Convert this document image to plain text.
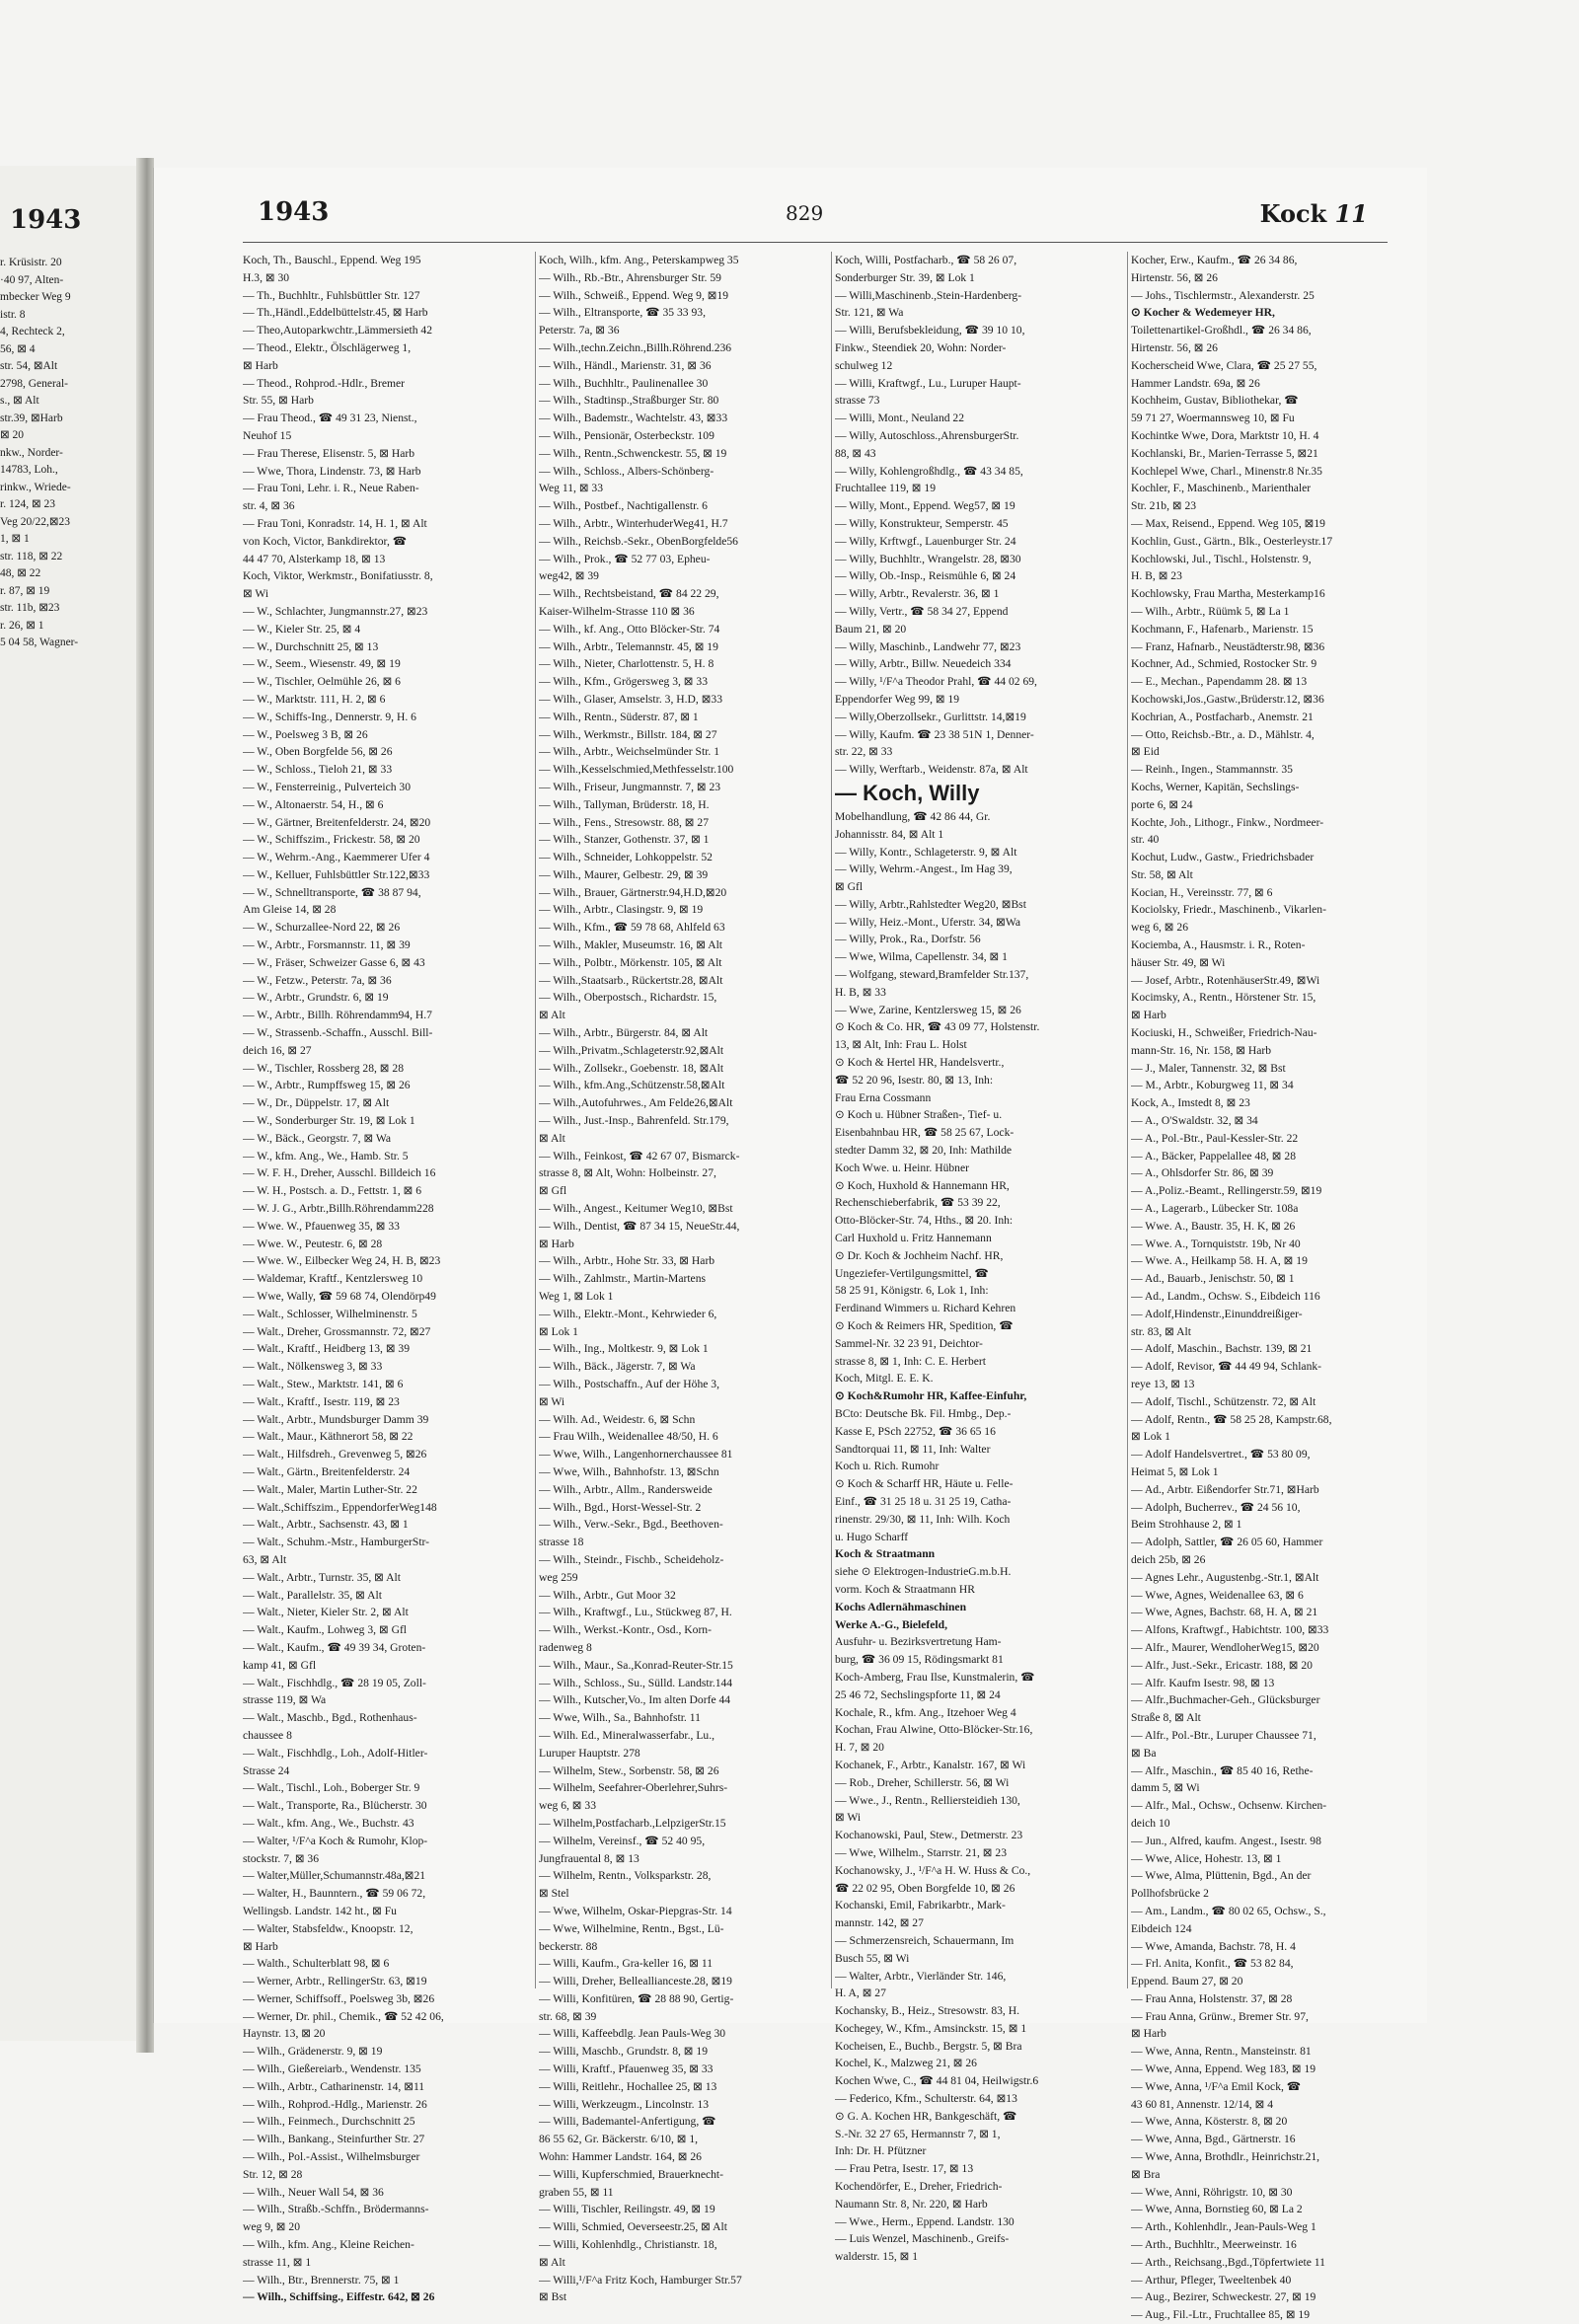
1943
r. Krüsistr. 20
·40 97, Alten-
mbecker Weg 9
istr. 8
4, Rechteck 2,
56, ⊠ 4
str. 54, ⊠Alt
2798, General-
s., ⊠ Alt
str.39, ⊠Harb
⊠ 20
nkw., Norder-
14783, Loh.,
rinkw., Wriede-
r. 124, ⊠ 23
Veg 20/22,⊠23
1, ⊠ 1
str. 118, ⊠ 22
48, ⊠ 22
r. 87, ⊠ 19
str. 11b, ⊠23
r. 26, ⊠ 1
5 04 58, Wagner-
1943	829	Kock 11
Koch, Th., Bauschl., Eppend. Weg 195
H.3, ⊠ 30
— Th., Buchhltr., Fuhlsbüttler Str. 127
— Th.,Händl.,Eddelbüttelstr.45, ⊠ Harb
— Theo,Autoparkwchtr.,Lämmersieth 42
— Theod., Elektr., Ölschlägerweg 1,
⊠ Harb
— Theod., Rohprod.-Hdlr., Bremer
Str. 55, ⊠ Harb
— Frau Theod., ☎ 49 31 23, Nienst.,
Neuhof 15
— Frau Therese, Elisenstr. 5, ⊠ Harb
— Wwe, Thora, Lindenstr. 73, ⊠ Harb
— Frau Toni, Lehr. i. R., Neue Raben-
str. 4, ⊠ 36
— Frau Toni, Konradstr. 14, H. 1, ⊠ Alt
von Koch, Victor, Bankdirektor, ☎
44 47 70, Alsterkamp 18, ⊠ 13
Koch, Viktor, Werkmstr., Bonifatiusstr. 8,
⊠ Wi
— W., Schlachter, Jungmannstr.27, ⊠23
— W., Kieler Str. 25, ⊠ 4
— W., Durchschnitt 25, ⊠ 13
— W., Seem., Wiesenstr. 49, ⊠ 19
— W., Tischler, Oelmühle 26, ⊠ 6
— W., Marktstr. 111, H. 2, ⊠ 6
— W., Schiffs-Ing., Dennerstr. 9, H. 6
— W., Poelsweg 3 B, ⊠ 26
— W., Oben Borgfelde 56, ⊠ 26
— W., Schloss., Tieloh 21, ⊠ 33
— W., Fensterreinig., Pulverteich 30
— W., Altonaerstr. 54, H., ⊠ 6
— W., Gärtner, Breitenfelderstr. 24, ⊠20
— W., Schiffszim., Frickestr. 58, ⊠ 20
— W., Wehrm.-Ang., Kaemmerer Ufer 4
— W., Kelluer, Fuhlsbüttler Str.122,⊠33
— W., Schnelltransporte, ☎ 38 87 94,
Am Gleise 14, ⊠ 28
— W., Schurzallee-Nord 22, ⊠ 26
— W., Arbtr., Forsmannstr. 11, ⊠ 39
— W., Fräser, Schweizer Gasse 6, ⊠ 43
— W., Fetzw., Peterstr. 7a, ⊠ 36
— W., Arbtr., Grundstr. 6, ⊠ 19
— W., Arbtr., Billh. Röhrendamm94, H.7
— W., Strassenb.-Schaffn., Ausschl. Bill-
deich 16, ⊠ 27
— W., Tischler, Rossberg 28, ⊠ 28
— W., Arbtr., Rumpffsweg 15, ⊠ 26
— W., Dr., Düppelstr. 17, ⊠ Alt
— W., Sonderburger Str. 19, ⊠ Lok 1
— W., Bäck., Georgstr. 7, ⊠ Wa
— W., kfm. Ang., We., Hamb. Str. 5
— W. F. H., Dreher, Ausschl. Billdeich 16
— W. H., Postsch. a. D., Fettstr. 1, ⊠ 6
— W. J. G., Arbtr.,Billh.Röhrendamm228
— Wwe. W., Pfauenweg 35, ⊠ 33
— Wwe. W., Peutestr. 6, ⊠ 28
— Wwe. W., Eilbecker Weg 24, H. B, ⊠23
— Waldemar, Kraftf., Kentzlersweg 10
— Wwe, Wally, ☎ 59 68 74, Olendörp49
— Walt., Schlosser, Wilhelminenstr. 5
— Walt., Dreher, Grossmannstr. 72, ⊠27
— Walt., Kraftf., Heidberg 13, ⊠ 39
— Walt., Nölkensweg 3, ⊠ 33
— Walt., Stew., Marktstr. 141, ⊠ 6
— Walt., Kraftf., Isestr. 119, ⊠ 23
— Walt., Arbtr., Mundsburger Damm 39
— Walt., Maur., Käthnerort 58, ⊠ 22
— Walt., Hilfsdreh., Grevenweg 5, ⊠26
— Walt., Gärtn., Breitenfelderstr. 24
— Walt., Maler, Martin Luther-Str. 22
— Walt.,Schiffszim., EppendorferWeg148
— Walt., Arbtr., Sachsenstr. 43, ⊠ 1
— Walt., Schuhm.-Mstr., HamburgerStr-
63, ⊠ Alt
— Walt., Arbtr., Turnstr. 35, ⊠ Alt
— Walt., Parallelstr. 35, ⊠ Alt
— Walt., Nieter, Kieler Str. 2, ⊠ Alt
— Walt., Kaufm., Lohweg 3, ⊠ Gfl
— Walt., Kaufm., ☎ 49 39 34, Groten-
kamp 41, ⊠ Gfl
— Walt., Fischhdlg., ☎ 28 19 05, Zoll-
strasse 119, ⊠ Wa
— Walt., Maschb., Bgd., Rothenhaus-
chaussee 8
— Walt., Fischhdlg., Loh., Adolf-Hitler-
Strasse 24
— Walt., Tischl., Loh., Boberger Str. 9
— Walt., Transporte, Ra., Blücherstr. 30
— Walt., kfm. Ang., We., Buchstr. 43
— Walter, ¹/F^a Koch & Rumohr, Klop-
stockstr. 7, ⊠ 36
— Walter,Müller,Schumannstr.48a,⊠21
— Walter, H., Baunntern., ☎ 59 06 72,
Wellingsb. Landstr. 142 ht., ⊠ Fu
— Walter, Stabsfeldw., Knoopstr. 12,
⊠ Harb
— Walth., Schulterblatt 98, ⊠ 6
— Werner, Arbtr., RellingerStr. 63, ⊠19
— Werner, Schiffsoff., Poelsweg 3b, ⊠26
— Werner, Dr. phil., Chemik., ☎ 52 42 06,
Haynstr. 13, ⊠ 20
— Wilh., Grädenerstr. 9, ⊠ 19
— Wilh., Gießereiarb., Wendenstr. 135
— Wilh., Arbtr., Catharinenstr. 14, ⊠11
— Wilh., Rohprod.-Hdlg., Marienstr. 26
— Wilh., Feinmech., Durchschnitt 25
— Wilh., Bankang., Steinfurther Str. 27
— Wilh., Pol.-Assist., Wilhelmsburger
Str. 12, ⊠ 28
— Wilh., Neuer Wall 54, ⊠ 36
— Wilh., Straßb.-Schffn., Brödermanns-
weg 9, ⊠ 20
— Wilh., kfm. Ang., Kleine Reichen-
strasse 11, ⊠ 1
— Wilh., Btr., Brennerstr. 75, ⊠ 1
— Wilh., Schiffsing., Eiffestr. 642, ⊠ 26
Koch, Wilh., kfm. Ang., Peterskampweg 35
— Wilh., Rb.-Btr., Ahrensburger Str. 59
— Wilh., Schweiß., Eppend. Weg 9, ⊠19
— Wilh., Eltransporte, ☎ 35 33 93,
Peterstr. 7a, ⊠ 36
— Wilh.,techn.Zeichn.,Billh.Röhrend.236
— Wilh., Händl., Marienstr. 31, ⊠ 36
— Wilh., Buchhltr., Paulinenallee 30
— Wilh., Stadtinsp.,Straßburger Str. 80
— Wilh., Bademstr., Wachtelstr. 43, ⊠33
— Wilh., Pensionär, Osterbeckstr. 109
— Wilh., Rentn.,Schwenckestr. 55, ⊠ 19
— Wilh., Schloss., Albers-Schönberg-
Weg 11, ⊠ 33
— Wilh., Postbef., Nachtigallenstr. 6
— Wilh., Arbtr., WinterhuderWeg41, H.7
— Wilh., Reichsb.-Sekr., ObenBorgfelde56
— Wilh., Prok., ☎ 52 77 03, Epheu-
weg42, ⊠ 39
— Wilh., Rechtsbeistand, ☎ 84 22 29,
Kaiser-Wilhelm-Strasse 110 ⊠ 36
— Wilh., kf. Ang., Otto Blöcker-Str. 74
— Wilh., Arbtr., Telemannstr. 45, ⊠ 19
— Wilh., Nieter, Charlottenstr. 5, H. 8
— Wilh., Kfm., Grögersweg 3, ⊠ 33
— Wilh., Glaser, Amselstr. 3, H.D, ⊠33
— Wilh., Rentn., Süderstr. 87, ⊠ 1
— Wilh., Werkmstr., Billstr. 184, ⊠ 27
— Wilh., Arbtr., Weichselmünder Str. 1
— Wilh.,Kesselschmied,Methfesselstr.100
— Wilh., Friseur, Jungmannstr. 7, ⊠ 23
— Wilh., Tallyman, Brüderstr. 18, H.
— Wilh., Fens., Stresowstr. 88, ⊠ 27
— Wilh., Stanzer, Gothenstr. 37, ⊠ 1
— Wilh., Schneider, Lohkoppelstr. 52
— Wilh., Maurer, Gelbestr. 29, ⊠ 39
— Wilh., Brauer, Gärtnerstr.94,H.D,⊠20
— Wilh., Arbtr., Clasingstr. 9, ⊠ 19
— Wilh., Kfm., ☎ 59 78 68, Ahlfeld 63
— Wilh., Makler, Museumstr. 16, ⊠ Alt
— Wilh., Polbtr., Mörkenstr. 105, ⊠ Alt
— Wilh.,Staatsarb., Rückertstr.28, ⊠Alt
— Wilh., Oberpostsch., Richardstr. 15,
⊠ Alt
— Wilh., Arbtr., Bürgerstr. 84, ⊠ Alt
— Wilh.,Privatm.,Schlageterstr.92,⊠Alt
— Wilh., Zollsekr., Goebenstr. 18, ⊠Alt
— Wilh., kfm.Ang.,Schützenstr.58,⊠Alt
— Wilh.,Autofuhrwes., Am Felde26,⊠Alt
— Wilh., Just.-Insp., Bahrenfeld. Str.179,
⊠ Alt
— Wilh., Feinkost, ☎ 42 67 07, Bismarck-
strasse 8, ⊠ Alt, Wohn: Holbeinstr. 27,
⊠ Gfl
— Wilh., Angest., Keitumer Weg10, ⊠Bst
— Wilh., Dentist, ☎ 87 34 15, NeueStr.44,
⊠ Harb
— Wilh., Arbtr., Hohe Str. 33, ⊠ Harb
— Wilh., Zahlmstr., Martin-Martens
Weg 1, ⊠ Lok 1
— Wilh., Elektr.-Mont., Kehrwieder 6,
⊠ Lok 1
— Wilh., Ing., Moltkestr. 9, ⊠ Lok 1
— Wilh., Bäck., Jägerstr. 7, ⊠ Wa
— Wilh., Postschaffn., Auf der Höhe 3,
⊠ Wi
— Wilh. Ad., Weidestr. 6, ⊠ Schn
— Frau Wilh., Weidenallee 48/50, H. 6
— Wwe, Wilh., Langenhornerchaussee 81
— Wwe, Wilh., Bahnhofstr. 13, ⊠Schn
— Wilh., Arbtr., Allm., Randersweide
— Wilh., Bgd., Horst-Wessel-Str. 2
— Wilh., Verw.-Sekr., Bgd., Beethoven-
strasse 18
— Wilh., Steindr., Fischb., Scheideholz-
weg 259
— Wilh., Arbtr., Gut Moor 32
— Wilh., Kraftwgf., Lu., Stückweg 87, H.
— Wilh., Werkst.-Kontr., Osd., Korn-
radenweg 8
— Wilh., Maur., Sa.,Konrad-Reuter-Str.15
— Wilh., Schloss., Su., Sülld. Landstr.144
— Wilh., Kutscher,Vo., Im alten Dorfe 44
— Wwe, Wilh., Sa., Bahnhofstr. 11
— Wilh. Ed., Mineralwasserfabr., Lu.,
Luruper Hauptstr. 278
— Wilhelm, Stew., Sorbenstr. 58, ⊠ 26
— Wilhelm, Seefahrer-Oberlehrer,Suhrs-
weg 6, ⊠ 33
— Wilhelm,Postfacharb.,LelpzigerStr.15
— Wilhelm, Vereinsf., ☎ 52 40 95,
Jungfrauental 8, ⊠ 13
— Wilhelm, Rentn., Volksparkstr. 28,
⊠ Stel
— Wwe, Wilhelm, Oskar-Piepgras-Str. 14
— Wwe, Wilhelmine, Rentn., Bgst., Lü-
beckerstr. 88
— Willi, Kaufm., Gra-keller 16, ⊠ 11
— Willi, Dreher, Belleallianceste.28, ⊠19
— Willi, Konfitüren, ☎ 28 88 90, Gertig-
str. 68, ⊠ 39
— Willi, Kaffeebdlg. Jean Pauls-Weg 30
— Willi, Maschb., Grundstr. 8, ⊠ 19
— Willi, Kraftf., Pfauenweg 35, ⊠ 33
— Willi, Reitlehr., Hochallee 25, ⊠ 13
— Willi, Werkzeugm., Lincolnstr. 13
— Willi, Bademantel-Anfertigung, ☎
86 55 62, Gr. Bäckerstr. 6/10, ⊠ 1,
Wohn: Hammer Landstr. 164, ⊠ 26
— Willi, Kupferschmied, Brauerknecht-
graben 55, ⊠ 11
— Willi, Tischler, Reilingstr. 49, ⊠ 19
— Willi, Schmied, Oeverseestr.25, ⊠ Alt
— Willi, Kohlenhdlg., Christianstr. 18,
⊠ Alt
— Willi,¹/F^a Fritz Koch, Hamburger Str.57
⊠ Bst
Koch, Willi, Postfacharb., ☎ 58 26 07,
Sonderburger Str. 39, ⊠ Lok 1
— Willi,Maschinenb.,Stein-Hardenberg-
Str. 121, ⊠ Wa
— Willi, Berufsbekleidung, ☎ 39 10 10,
Finkw., Steendiek 20, Wohn: Norder-
schulweg 12
— Willi, Kraftwgf., Lu., Luruper Haupt-
strasse 73
— Willi, Mont., Neuland 22
— Willy, Autoschloss.,AhrensburgerStr.
88, ⊠ 43
— Willy, Kohlengroßhdlg., ☎ 43 34 85,
Fruchtallee 119, ⊠ 19
— Willy, Mont., Eppend. Weg57, ⊠ 19
— Willy, Konstrukteur, Semperstr. 45
— Willy, Krftwgf., Lauenburger Str. 24
— Willy, Buchhltr., Wrangelstr. 28, ⊠30
— Willy, Ob.-Insp., Reismühle 6, ⊠ 24
— Willy, Arbtr., Revalerstr. 36, ⊠ 1
— Willy, Vertr., ☎ 58 34 27, Eppend
Baum 21, ⊠ 20
— Willy, Maschinb., Landwehr 77, ⊠23
— Willy, Arbtr., Billw. Neuedeich 334
— Willy, ¹/F^a Theodor Prahl, ☎ 44 02 69,
Eppendorfer Weg 99, ⊠ 19
— Willy,Oberzollsekr., Gurlittstr. 14,⊠19
— Willy, Kaufm. ☎ 23 38 51N 1, Denner-
str. 22, ⊠ 33
— Willy, Werftarb., Weidenstr. 87a, ⊠ Alt
— Koch, Willy
Mobelhandlung, ☎ 42 86 44, Gr.
Johannisstr. 84, ⊠ Alt 1
— Willy, Kontr., Schlageterstr. 9, ⊠ Alt
— Willy, Wehrm.-Angest., Im Hag 39,
⊠ Gfl
— Willy, Arbtr.,Rahlstedter Weg20, ⊠Bst
— Willy, Heiz.-Mont., Uferstr. 34, ⊠Wa
— Willy, Prok., Ra., Dorfstr. 56
— Wwe, Wilma, Capellenstr. 34, ⊠ 1
— Wolfgang, steward,Bramfelder Str.137,
H. B, ⊠ 33
— Wwe, Zarine, Kentzlersweg 15, ⊠ 26
⊙ Koch & Co. HR, ☎ 43 09 77, Holstenstr.
13, ⊠ Alt, Inh: Frau L. Holst
⊙ Koch & Hertel HR, Handelsvertr.,
☎ 52 20 96, Isestr. 80, ⊠ 13, Inh:
Frau Erna Cossmann
⊙ Koch u. Hübner Straßen-, Tief- u.
Eisenbahnbau HR, ☎ 58 25 67, Lock-
stedter Damm 32, ⊠ 20, Inh: Mathilde
Koch Wwe. u. Heinr. Hübner
⊙ Koch, Huxhold & Hannemann HR,
Rechenschieberfabrik, ☎ 53 39 22,
Otto-Blöcker-Str. 74, Hths., ⊠ 20. Inh:
Carl Huxhold u. Fritz Hannemann
⊙ Dr. Koch & Jochheim Nachf. HR,
Ungeziefer-Vertilgungsmittel, ☎
58 25 91, Königstr. 6, Lok 1, Inh:
Ferdinand Wimmers u. Richard Kehren
⊙ Koch & Reimers HR, Spedition, ☎
Sammel-Nr. 32 23 91, Deichtor-
strasse 8, ⊠ 1, Inh: C. E. Herbert
Koch, Mitgl. E. E. K.
⊙ Koch&Rumohr HR, Kaffee-Einfuhr,
BCto: Deutsche Bk. Fil. Hmbg., Dep.-
Kasse E, PSch 22752, ☎ 36 65 16
Sandtorquai 11, ⊠ 11, Inh: Walter
Koch u. Rich. Rumohr
⊙ Koch & Scharff HR, Häute u. Felle-
Einf., ☎ 31 25 18 u. 31 25 19, Catha-
rinenstr. 29/30, ⊠ 11, Inh: Wilh. Koch
u. Hugo Scharff
Koch & Straatmann
siehe ⊙ Elektrogen-IndustrieG.m.b.H.
vorm. Koch & Straatmann HR
Kochs Adlernähmaschinen
Werke A.-G., Bielefeld,
Ausfuhr- u. Bezirksvertretung Ham-
burg, ☎ 36 09 15, Rödingsmarkt 81
Koch-Amberg, Frau Ilse, Kunstmalerin, ☎
25 46 72, Sechslingspforte 11, ⊠ 24
Kochale, R., kfm. Ang., Itzehoer Weg 4
Kochan, Frau Alwine, Otto-Blöcker-Str.16,
H. 7, ⊠ 20
Kochanek, F., Arbtr., Kanalstr. 167, ⊠ Wi
— Rob., Dreher, Schillerstr. 56, ⊠ Wi
— Wwe., J., Rentn., Relliersteidieh 130,
⊠ Wi
Kochanowski, Paul, Stew., Detmerstr. 23
— Wwe, Wilhelm., Starrstr. 21, ⊠ 23
Kochanowsky, J., ¹/F^a H. W. Huss & Co.,
☎ 22 02 95, Oben Borgfelde 10, ⊠ 26
Kochanski, Emil, Fabrikarbtr., Mark-
mannstr. 142, ⊠ 27
— Schmerzensreich, Schauermann, Im
Busch 55, ⊠ Wi
— Walter, Arbtr., Vierländer Str. 146,
H. A, ⊠ 27
Kochansky, B., Heiz., Stresowstr. 83, H.
Kochegey, W., Kfm., Amsinckstr. 15, ⊠ 1
Kocheisen, E., Buchb., Bergstr. 5, ⊠ Bra
Kochel, K., Malzweg 21, ⊠ 26
Kochen Wwe, C., ☎ 44 81 04, Heilwigstr.6
— Federico, Kfm., Schulterstr. 64, ⊠13
⊙ G. A. Kochen HR, Bankgeschäft, ☎
S.-Nr. 32 27 65, Hermannstr 7, ⊠ 1,
Inh: Dr. H. Pfützner
— Frau Petra, Isestr. 17, ⊠ 13
Kochendörfer, E., Dreher, Friedrich-
Naumann Str. 8, Nr. 220, ⊠ Harb
— Wwe., Herm., Eppend. Landstr. 130
— Luis Wenzel, Maschinenb., Greifs-
walderstr. 15, ⊠ 1
Kocher, Erw., Kaufm., ☎ 26 34 86,
Hirtenstr. 56, ⊠ 26
— Johs., Tischlermstr., Alexanderstr. 25
⊙ Kocher & Wedemeyer HR,
Toilettenartikel-Großhdl., ☎ 26 34 86,
Hirtenstr. 56, ⊠ 26
Kocherscheid Wwe, Clara, ☎ 25 27 55,
Hammer Landstr. 69a, ⊠ 26
Kochheim, Gustav, Bibliothekar, ☎
59 71 27, Woermannsweg 10, ⊠ Fu
Kochintke Wwe, Dora, Marktstr 10, H. 4
Kochlanski, Br., Marien-Terrasse 5, ⊠21
Kochlepel Wwe, Charl., Minenstr.8 Nr.35
Kochler, F., Maschinenb., Marienthaler
Str. 21b, ⊠ 23
— Max, Reisend., Eppend. Weg 105, ⊠19
Kochlin, Gust., Gärtn., Blk., Oesterleystr.17
Kochlowski, Jul., Tischl., Holstenstr. 9,
H. B, ⊠ 23
Kochlowsky, Frau Martha, Mesterkamp16
— Wilh., Arbtr., Rüümk 5, ⊠ La 1
Kochmann, F., Hafenarb., Marienstr. 15
— Franz, Hafnarb., Neustädterstr.98, ⊠36
Kochner, Ad., Schmied, Rostocker Str. 9
— E., Mechan., Papendamm 28. ⊠ 13
Kochowski,Jos.,Gastw.,Brüderstr.12, ⊠36
Kochrian, A., Postfacharb., Anemstr. 21
— Otto, Reichsb.-Btr., a. D., Mählstr. 4,
⊠ Eid
— Reinh., Ingen., Stammannstr. 35
Kochs, Werner, Kapitän, Sechslings-
porte 6, ⊠ 24
Kochte, Joh., Lithogr., Finkw., Nordmeer-
str. 40
Kochut, Ludw., Gastw., Friedrichsbader
Str. 58, ⊠ Alt
Kocian, H., Vereinsstr. 77, ⊠ 6
Kociolsky, Friedr., Maschinenb., Vikarlen-
weg 6, ⊠ 26
Kociemba, A., Hausmstr. i. R., Roten-
häuser Str. 49, ⊠ Wi
— Josef, Arbtr., RotenhäuserStr.49, ⊠Wi
Kocimsky, A., Rentn., Hörstener Str. 15,
⊠ Harb
Kociuski, H., Schweißer, Friedrich-Nau-
mann-Str. 16, Nr. 158, ⊠ Harb
— J., Maler, Tannenstr. 32, ⊠ Bst
— M., Arbtr., Koburgweg 11, ⊠ 34
Kock, A., Imstedt 8, ⊠ 23
— A., O'Swaldstr. 32, ⊠ 34
— A., Pol.-Btr., Paul-Kessler-Str. 22
— A., Bäcker, Pappelallee 48, ⊠ 28
— A., Ohlsdorfer Str. 86, ⊠ 39
— A.,Poliz.-Beamt., Rellingerstr.59, ⊠19
— A., Lagerarb., Lübecker Str. 108a
— Wwe. A., Baustr. 35, H. K, ⊠ 26
— Wwe. A., Tornquiststr. 19b, Nr 40
— Wwe. A., Heilkamp 58. H. A, ⊠ 19
— Ad., Bauarb., Jenischstr. 50, ⊠ 1
— Ad., Landm., Ochsw. S., Eibdeich 116
— Adolf,Hindenstr.,Einunddreißiger-
str. 83, ⊠ Alt
— Adolf, Maschin., Bachstr. 139, ⊠ 21
— Adolf, Revisor, ☎ 44 49 94, Schlank-
reye 13, ⊠ 13
— Adolf, Tischl., Schützenstr. 72, ⊠ Alt
— Adolf, Rentn., ☎ 58 25 28, Kampstr.68,
⊠ Lok 1
— Adolf Handelsvertret., ☎ 53 80 09,
Heimat 5, ⊠ Lok 1
— Ad., Arbtr. Eißendorfer Str.71, ⊠Harb
— Adolph, Bucherrev., ☎ 24 56 10,
Beim Strohhause 2, ⊠ 1
— Adolph, Sattler, ☎ 26 05 60, Hammer
deich 25b, ⊠ 26
— Agnes Lehr., Augustenbg.-Str.1, ⊠Alt
— Wwe, Agnes, Weidenallee 63, ⊠ 6
— Wwe, Agnes, Bachstr. 68, H. A, ⊠ 21
— Alfons, Kraftwgf., Habichtstr. 100, ⊠33
— Alfr., Maurer, WendloherWeg15, ⊠20
— Alfr., Just.-Sekr., Ericastr. 188, ⊠ 20
— Alfr. Kaufm Isestr. 98, ⊠ 13
— Alfr.,Buchmacher-Geh., Glücksburger
Straße 8, ⊠ Alt
— Alfr., Pol.-Btr., Luruper Chaussee 71,
⊠ Ba
— Alfr., Maschin., ☎ 85 40 16, Rethe-
damm 5, ⊠ Wi
— Alfr., Mal., Ochsw., Ochsenw. Kirchen-
deich 10
— Jun., Alfred, kaufm. Angest., Isestr. 98
— Wwe, Alice, Hohestr. 13, ⊠ 1
— Wwe, Alma, Plüttenin, Bgd., An der
Pollhofsbrücke 2
— Am., Landm., ☎ 80 02 65, Ochsw., S.,
Eibdeich 124
— Wwe, Amanda, Bachstr. 78, H. 4
— Frl. Anita, Konfit., ☎ 53 82 84,
Eppend. Baum 27, ⊠ 20
— Frau Anna, Holstenstr. 37, ⊠ 28
— Frau Anna, Grünw., Bremer Str. 97,
⊠ Harb
— Wwe, Anna, Rentn., Mansteinstr. 81
— Wwe, Anna, Eppend. Weg 183, ⊠ 19
— Wwe, Anna, ¹/F^a Emil Kock, ☎
43 60 81, Annenstr. 12/14, ⊠ 4
— Wwe, Anna, Kösterstr. 8, ⊠ 20
— Wwe, Anna, Bgd., Gärtnerstr. 16
— Wwe, Anna, Brothdlr., Heinrichstr.21,
⊠ Bra
— Wwe, Anni, Röhrigstr. 10, ⊠ 30
— Wwe, Anna, Bornstieg 60, ⊠ La 2
— Arth., Kohlenhdlr., Jean-Pauls-Weg 1
— Arth., Buchhltr., Meerweinstr. 16
— Arth., Reichsang.,Bgd.,Töpfertwiete 11
— Arthur, Pfleger, Tweeltenbek 40
— Aug., Bezirer, Schweckestr. 27, ⊠ 19
— Aug., Fil.-Ltr., Fruchtallee 85, ⊠ 19
